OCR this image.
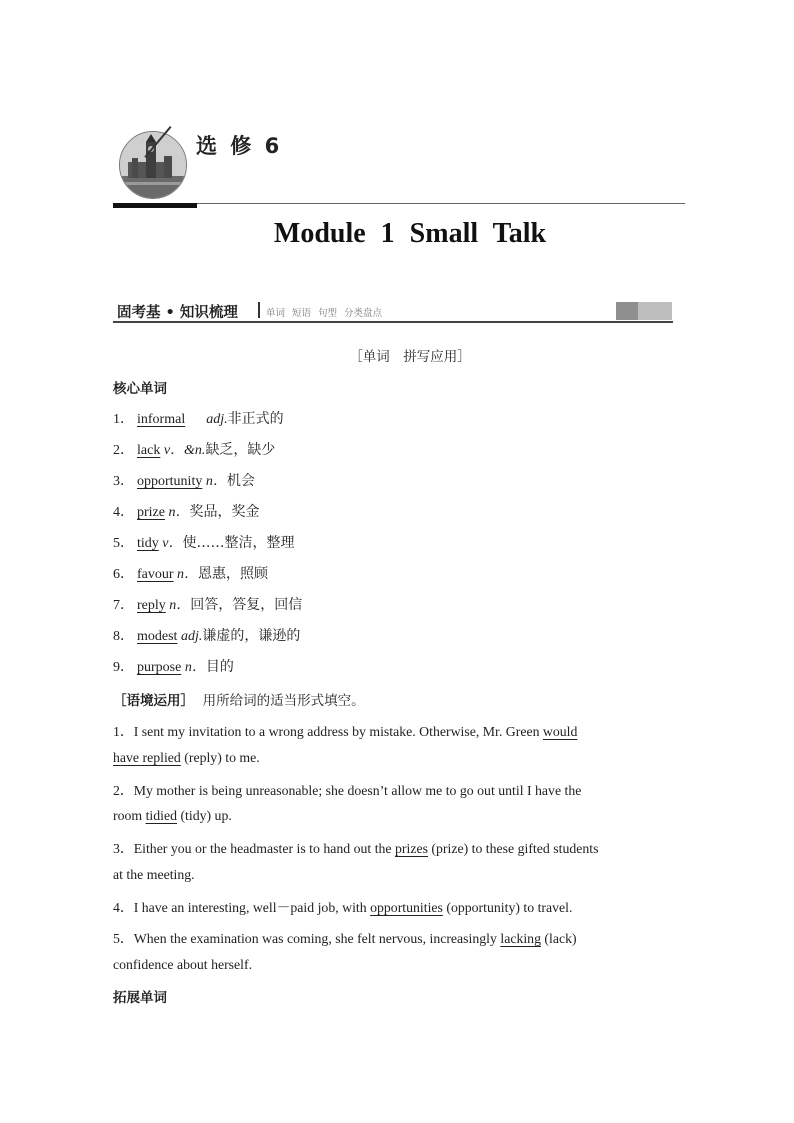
选 修 6
Module 1 Small Talk
固考基 • 知识梳理	单词 短语 句型 分类盘点
［单词　拼写应用］
核心单词
1． informal adj.非正式的
2． lack v．&n.缺乏，缺少
3． opportunity n．机会
4． prize n．奖品，奖金
5． tidy v．使……整洁，整理
6． favour n．恩惠，照顾
7． reply n．回答，答复，回信
8． modest adj.谦虚的，谦逊的
9． purpose n．目的
［语境运用］ 用所给词的适当形式填空。
1．I sent my invitation to a wrong address by mistake. Otherwise, Mr. Green would
have replied (reply) to me.
2．My mother is being unreasonable; she doesn’t allow me to go out until I have the
room tidied (tidy) up.
3．Either you or the headmaster is to hand out the prizes (prize) to these gifted students
at the meeting.
4．I have an interesting, well－paid job, with opportunities (opportunity) to travel.
5．When the examination was coming, she felt nervous, increasingly lacking (lack)
confidence about herself.
拓展单词
